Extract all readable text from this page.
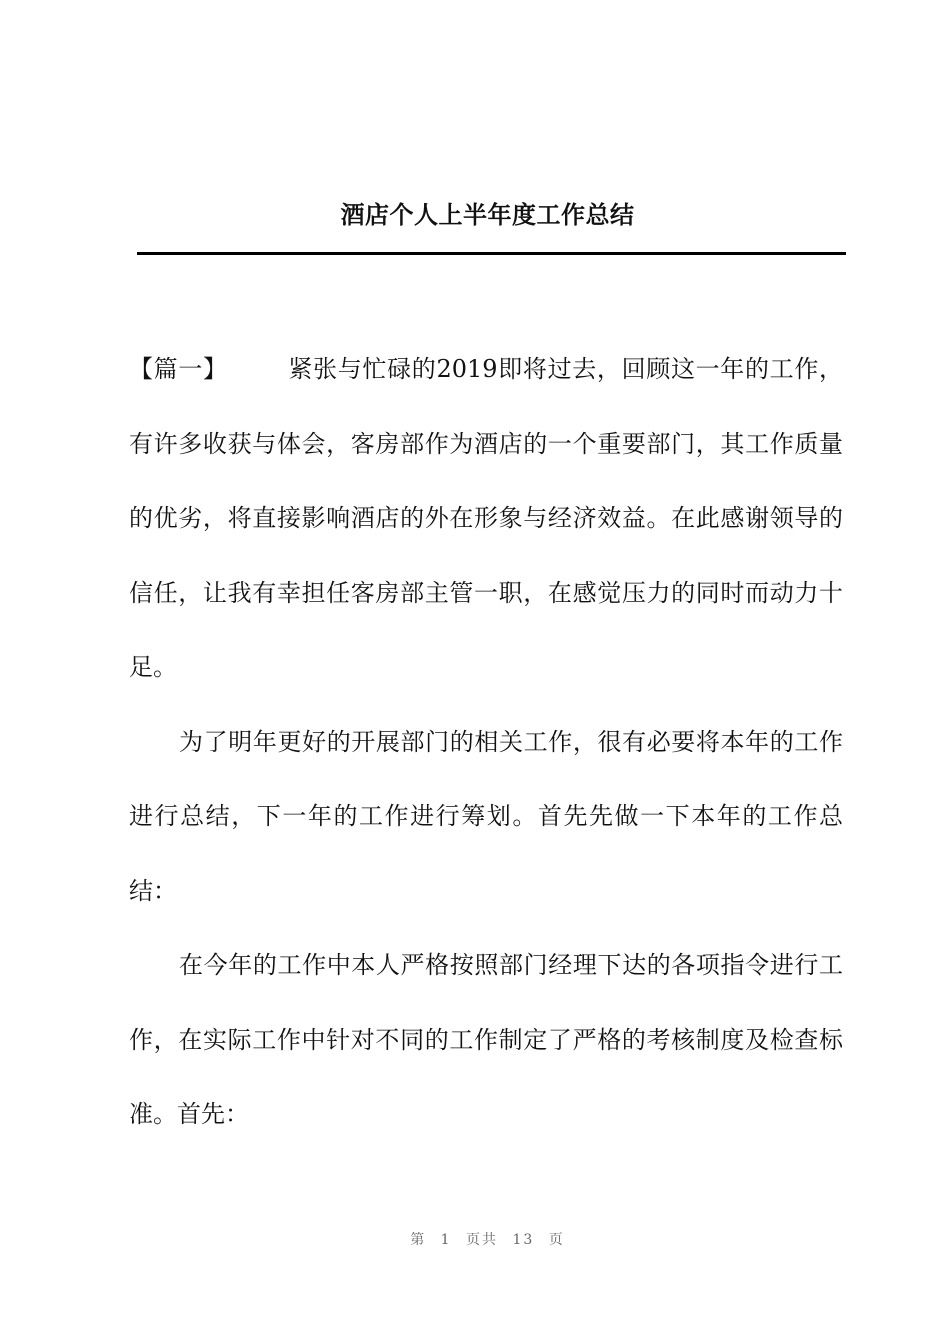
酒店个人上半年度工作总结

【篇一】	紧张与忙碌的2019即将过去，回顾这一年的工作，有许多收获与体会，客房部作为酒店的一个重要部门，其工作质量的优劣，将直接影响酒店的外在形象与经济效益。在此感谢领导的信任，让我有幸担任客房部主管一职，在感觉压力的同时而动力十足。

为了明年更好的开展部门的相关工作，很有必要将本年的工作进行总结，下一年的工作进行筹划。首先先做一下本年的工作总结：

在今年的工作中本人严格按照部门经理下达的各项指令进行工作，在实际工作中针对不同的工作制定了严格的考核制度及检查标准。首先：

第 1 页共 13 页
